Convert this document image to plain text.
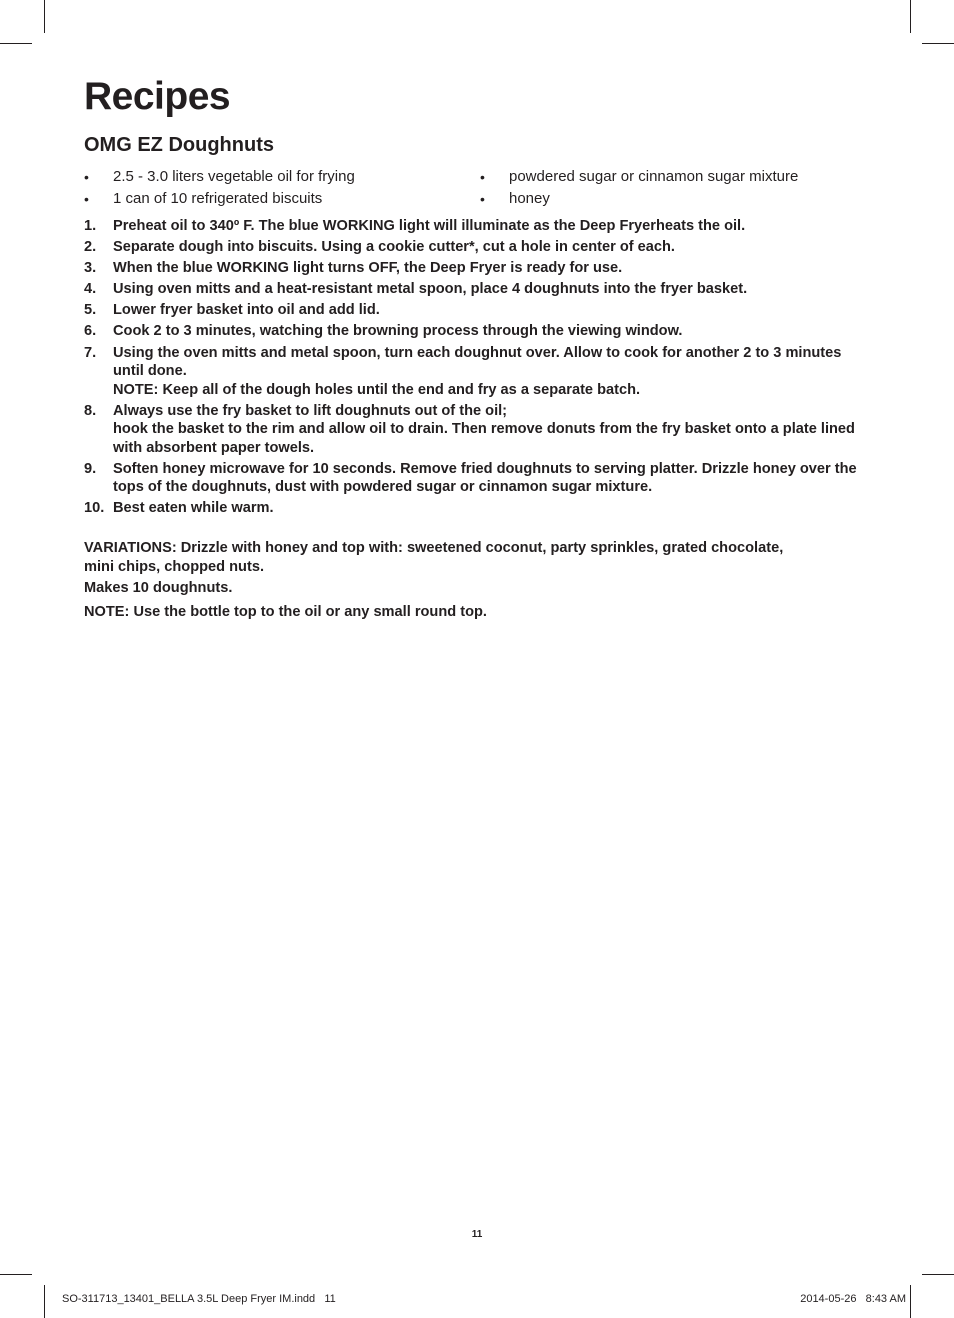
Recipes
OMG EZ Doughnuts
•	2.5 - 3.0 liters vegetable oil for frying
•	1 can of 10 refrigerated biscuits
•	powdered sugar or cinnamon sugar mixture
•	honey
1.	Preheat oil to 340º F. The blue WORKING light will illuminate as the Deep Fryerheats the oil.
2.	Separate dough into biscuits. Using a cookie cutter*, cut a hole in center of each.
3.	When the blue WORKING light turns OFF, the Deep Fryer is ready for use.
4.	Using oven mitts and a heat-resistant metal spoon, place 4 doughnuts into the fryer basket.
5.	Lower fryer basket into oil and add lid.
6.	Cook 2 to 3 minutes, watching the browning process through the viewing window.
7.	Using the oven mitts and metal spoon, turn each doughnut over. Allow to cook for another 2 to 3 minutes until done.
NOTE: Keep all of the dough holes until the end and fry as a separate batch.
8.	Always use the fry basket to lift doughnuts out of the oil;
hook the basket to the rim and allow oil to drain. Then remove donuts from the fry basket onto a plate lined with absorbent paper towels.
9.	Soften honey microwave for 10 seconds. Remove fried doughnuts to serving platter. Drizzle honey over the tops of the doughnuts, dust with powdered sugar or cinnamon sugar mixture.
10. Best eaten while warm.
VARIATIONS: Drizzle with honey and top with: sweetened coconut, party sprinkles, grated chocolate, mini chips, chopped nuts.
Makes 10 doughnuts.
NOTE: Use the bottle top to the oil or any small round top.
11
SO-311713_13401_BELLA 3.5L Deep Fryer IM.indd   11	2014-05-26   8:43 AM
